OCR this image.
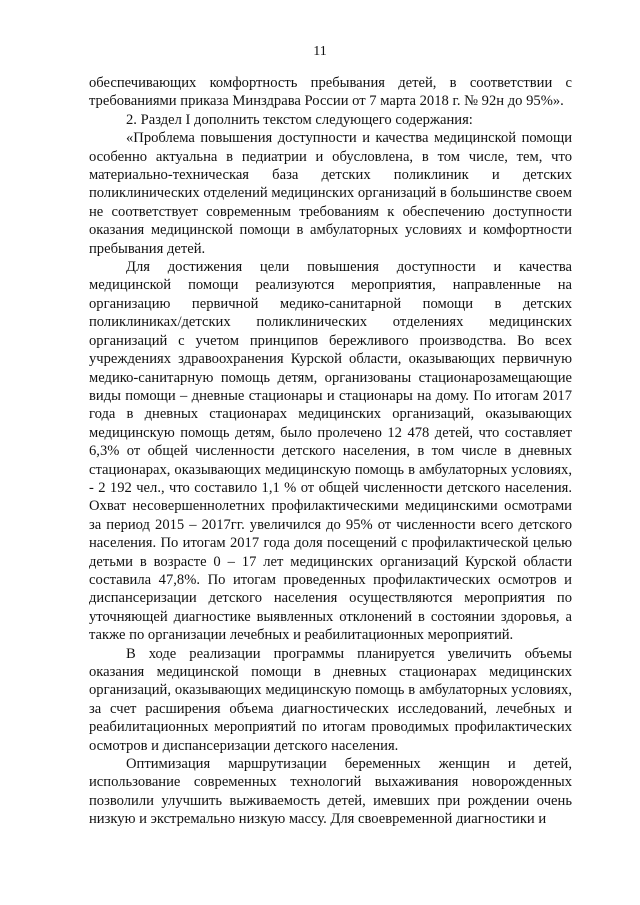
11

обеспечивающих комфортность пребывания детей, в соответствии с требованиями приказа Минздрава России от 7 марта 2018 г. № 92н до 95%».

2. Раздел I дополнить текстом следующего содержания:

«Проблема повышения доступности и качества медицинской помощи особенно актуальна в педиатрии и обусловлена, в том числе, тем, что материально-техническая база детских поликлиник и детских поликлинических отделений медицинских организаций в большинстве своем не соответствует современным требованиям к обеспечению доступности оказания медицинской помощи в амбулаторных условиях и комфортности пребывания детей.

Для достижения цели повышения доступности и качества медицинской помощи реализуются мероприятия, направленные на организацию первичной медико-санитарной помощи в детских поликлиниках/детских поликлинических отделениях медицинских организаций с учетом принципов бережливого производства. Во всех учреждениях здравоохранения Курской области, оказывающих первичную медико-санитарную помощь детям, организованы стационарозамещающие виды помощи – дневные стационары и стационары на дому. По итогам 2017 года в дневных стационарах медицинских организаций, оказывающих медицинскую помощь детям, было пролечено 12 478 детей, что составляет 6,3% от общей численности детского населения, в том числе в дневных стационарах, оказывающих медицинскую помощь в амбулаторных условиях, - 2 192 чел., что составило 1,1 % от общей численности детского населения. Охват несовершеннолетних профилактическими медицинскими осмотрами за период 2015 – 2017гг. увеличился до 95% от численности всего детского населения. По итогам 2017 года доля посещений с профилактической целью детьми в возрасте 0 – 17 лет медицинских организаций Курской области составила 47,8%. По итогам проведенных профилактических осмотров и диспансеризации детского населения осуществляются мероприятия по уточняющей диагностике выявленных отклонений в состоянии здоровья, а также по организации лечебных и реабилитационных мероприятий.

В ходе реализации программы планируется увеличить объемы оказания медицинской помощи в дневных стационарах медицинских организаций, оказывающих медицинскую помощь в амбулаторных условиях, за счет расширения объема диагностических исследований, лечебных и реабилитационных мероприятий по итогам проводимых профилактических осмотров и диспансеризации детского населения.

Оптимизация маршрутизации беременных женщин и детей, использование современных технологий выхаживания новорожденных позволили улучшить выживаемость детей, имевших при рождении очень низкую и экстремально низкую массу. Для своевременной диагностики и
